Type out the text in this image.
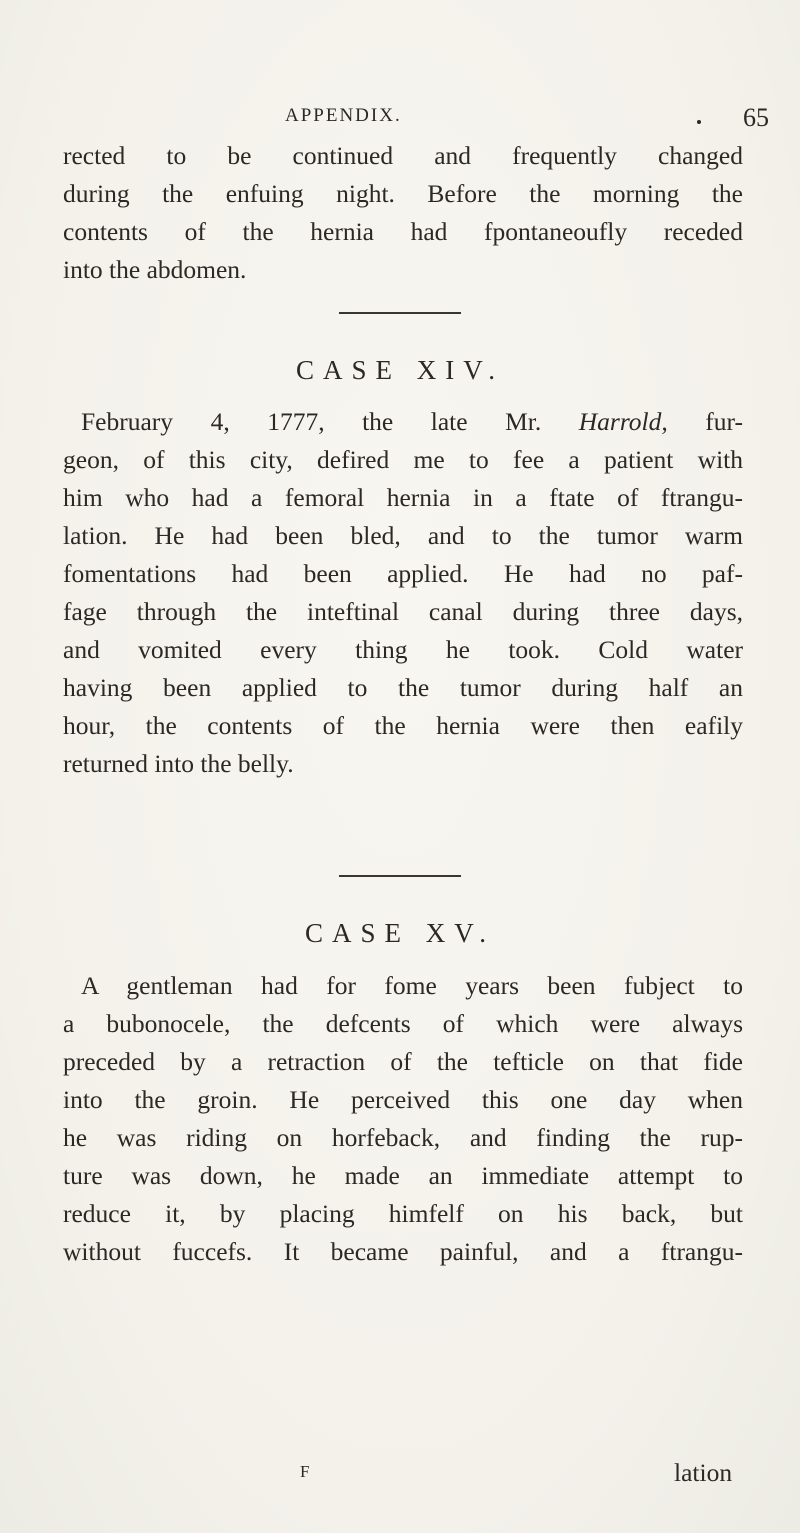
APPENDIX.	65
rected to be continued and frequently changed
during the enfuing night. Before the morning the
contents of the hernia had fpontaneoufly receded
into the abdomen.
CASE XIV.
February 4, 1777, the late Mr. Harrold, fur-
geon, of this city, defired me to fee a patient with
him who had a femoral hernia in a ftate of ftrangu-
lation. He had been bled, and to the tumor warm
fomentations had been applied. He had no paf-
fage through the inteftinal canal during three days,
and vomited every thing he took. Cold water
having been applied to the tumor during half an
hour, the contents of the hernia were then eafily
returned into the belly.
CASE XV.
A gentleman had for fome years been fubject to
a bubonocele, the defcents of which were always
preceded by a retraction of the tefticle on that fide
into the groin. He perceived this one day when
he was riding on horfeback, and finding the rup-
ture was down, he made an immediate attempt to
reduce it, by placing himfelf on his back, but
without fuccefs. It became painful, and a ftrangu-
F	lation
